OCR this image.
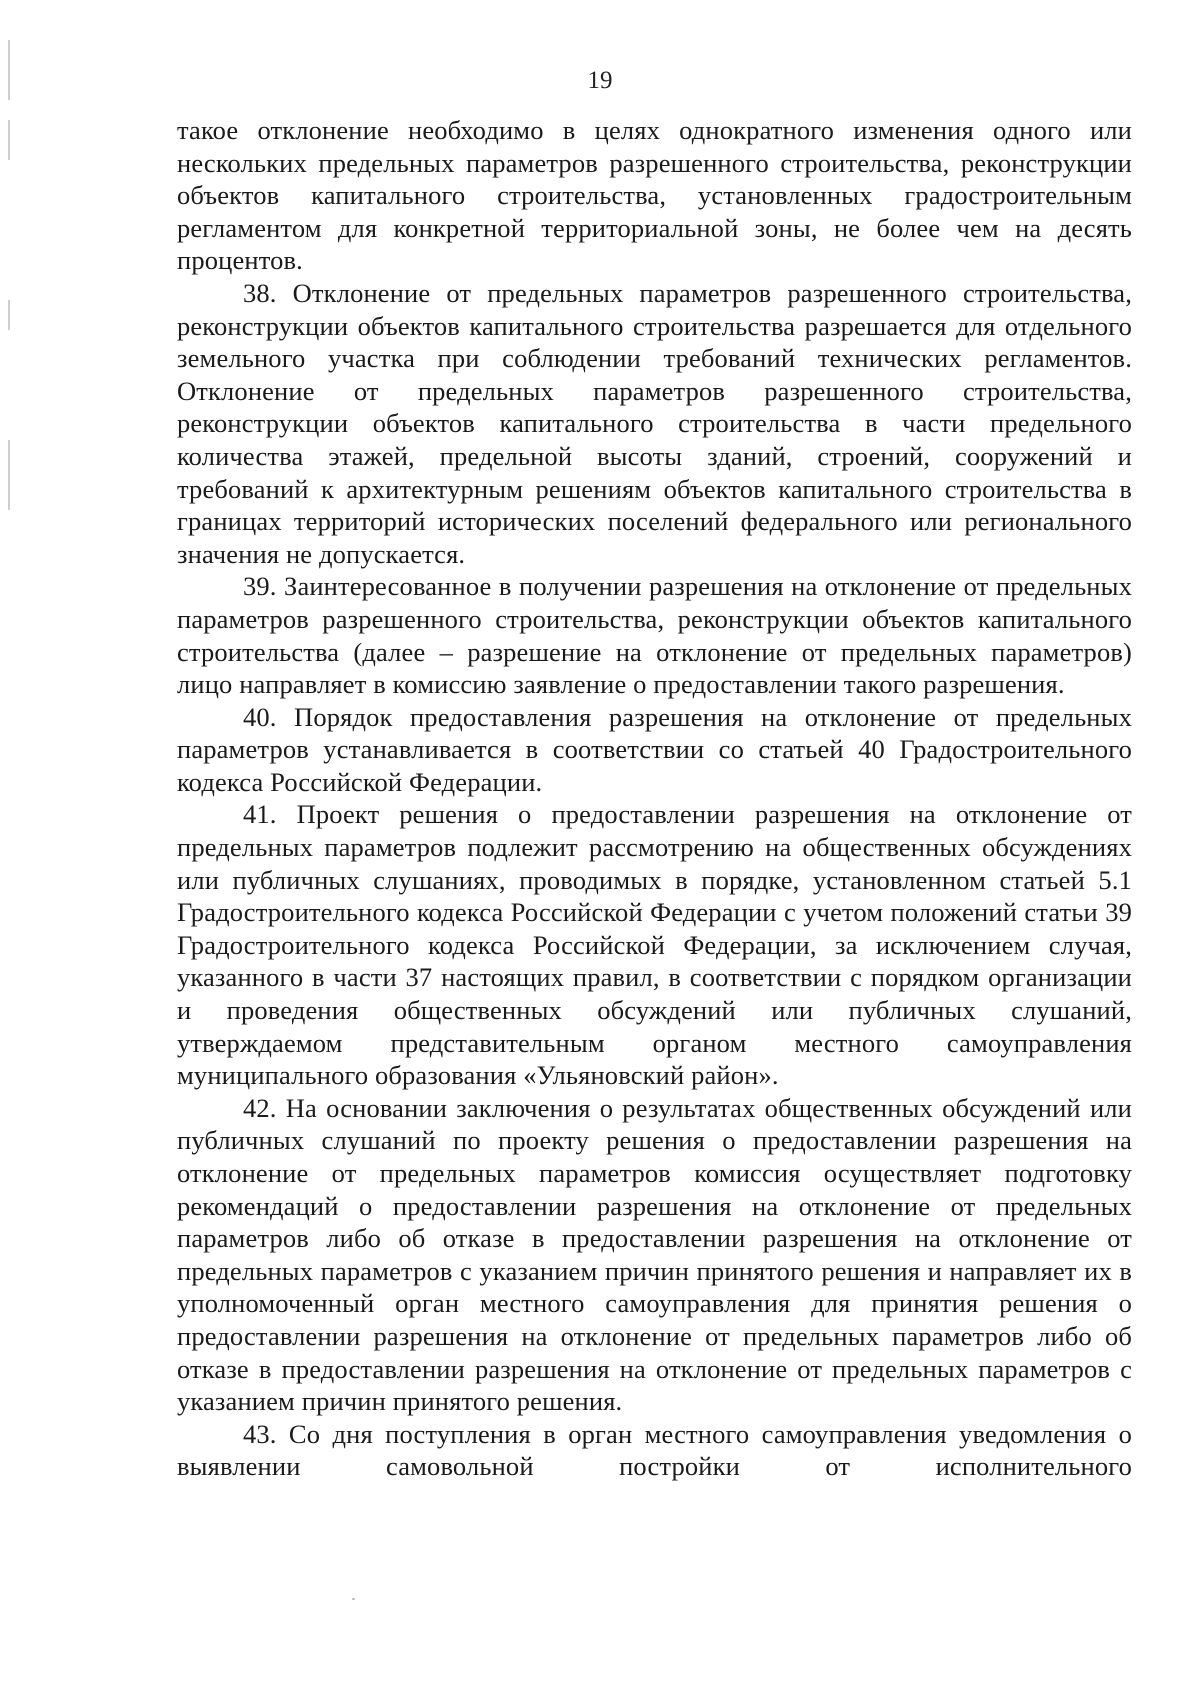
19

такое отклонение необходимо в целях однократного изменения одного или нескольких предельных параметров разрешенного строительства, реконструкции объектов капитального строительства, установленных градостроительным регламентом для конкретной территориальной зоны, не более чем на десять процентов.

38. Отклонение от предельных параметров разрешенного строительства, реконструкции объектов капитального строительства разрешается для отдельного земельного участка при соблюдении требований технических регламентов. Отклонение от предельных параметров разрешенного строительства, реконструкции объектов капитального строительства в части предельного количества этажей, предельной высоты зданий, строений, сооружений и требований к архитектурным решениям объектов капитального строительства в границах территорий исторических поселений федерального или регионального значения не допускается.

39. Заинтересованное в получении разрешения на отклонение от предельных параметров разрешенного строительства, реконструкции объектов капитального строительства (далее – разрешение на отклонение от предельных параметров) лицо направляет в комиссию заявление о предоставлении такого разрешения.

40. Порядок предоставления разрешения на отклонение от предельных параметров устанавливается в соответствии со статьей 40 Градостроительного кодекса Российской Федерации.

41. Проект решения о предоставлении разрешения на отклонение от предельных параметров подлежит рассмотрению на общественных обсуждениях или публичных слушаниях, проводимых в порядке, установленном статьей 5.1 Градостроительного кодекса Российской Федерации с учетом положений статьи 39 Градостроительного кодекса Российской Федерации, за исключением случая, указанного в части 37 настоящих правил, в соответствии с порядком организации и проведения общественных обсуждений или публичных слушаний, утверждаемом представительным органом местного самоуправления муниципального образования «Ульяновский район».

42. На основании заключения о результатах общественных обсуждений или публичных слушаний по проекту решения о предоставлении разрешения на отклонение от предельных параметров комиссия осуществляет подготовку рекомендаций о предоставлении разрешения на отклонение от предельных параметров либо об отказе в предоставлении разрешения на отклонение от предельных параметров с указанием причин принятого решения и направляет их в уполномоченный орган местного самоуправления для принятия решения о предоставлении разрешения на отклонение от предельных параметров либо об отказе в предоставлении разрешения на отклонение от предельных параметров с указанием причин принятого решения.

43. Со дня поступления в орган местного самоуправления уведомления о выявлении самовольной постройки от исполнительного
